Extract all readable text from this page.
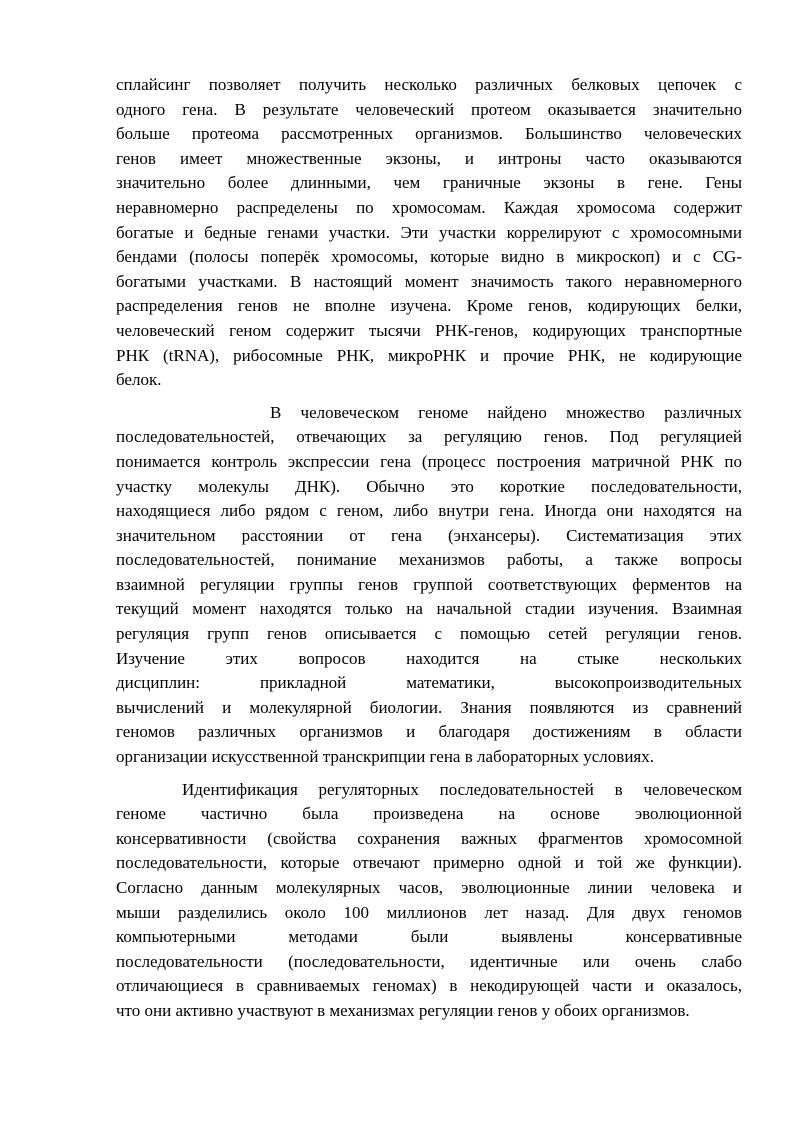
сплайсинг позволяет получить несколько различных белковых цепочек с
одного гена. В результате человеческий протеом оказывается значительно
больше протеома рассмотренных организмов. Большинство человеческих
генов имеет множественные экзоны, и интроны часто оказываются
значительно более длинными, чем граничные экзоны в гене. Гены
неравномерно распределены по хромосомам. Каждая хромосома содержит
богатые и бедные генами участки. Эти участки коррелируют с хромосомными
бендами (полосы поперёк хромосомы, которые видно в микроскоп) и с CG-
богатыми участками. В настоящий момент значимость такого неравномерного
распределения генов не вполне изучена. Кроме генов, кодирующих белки,
человеческий геном содержит тысячи РНК-генов, кодирующих транспортные
РНК (tRNA), рибосомные РНК, микроРНК и прочие РНК, не кодирующие
белок.
В человеческом геноме найдено множество различных
последовательностей, отвечающих за регуляцию генов. Под регуляцией
понимается контроль экспрессии гена (процесс построения матричной РНК по
участку молекулы ДНК). Обычно это короткие последовательности,
находящиеся либо рядом с геном, либо внутри гена. Иногда они находятся на
значительном расстоянии от гена (энхансеры). Систематизация этих
последовательностей, понимание механизмов работы, а также вопросы
взаимной регуляции группы генов группой соответствующих ферментов на
текущий момент находятся только на начальной стадии изучения. Взаимная
регуляция групп генов описывается с помощью сетей регуляции генов.
Изучение этих вопросов находится на стыке нескольких
дисциплин: прикладной математики, высокопроизводительных
вычислений и молекулярной биологии. Знания появляются из сравнений
геномов различных организмов и благодаря достижениям в области
организации искусственной транскрипции гена в лабораторных условиях.
Идентификация регуляторных последовательностей в человеческом
геноме частично была произведена на основе эволюционной
консервативности (свойства сохранения важных фрагментов хромосомной
последовательности, которые отвечают примерно одной и той же функции).
Согласно данным молекулярных часов, эволюционные линии человека и
мыши разделились около 100 миллионов лет назад. Для двух геномов
компьютерными методами были выявлены консервативные
последовательности (последовательности, идентичные или очень слабо
отличающиеся в сравниваемых геномах) в некодирующей части и оказалось,
что они активно участвуют в механизмах регуляции генов у обоих организмов.
